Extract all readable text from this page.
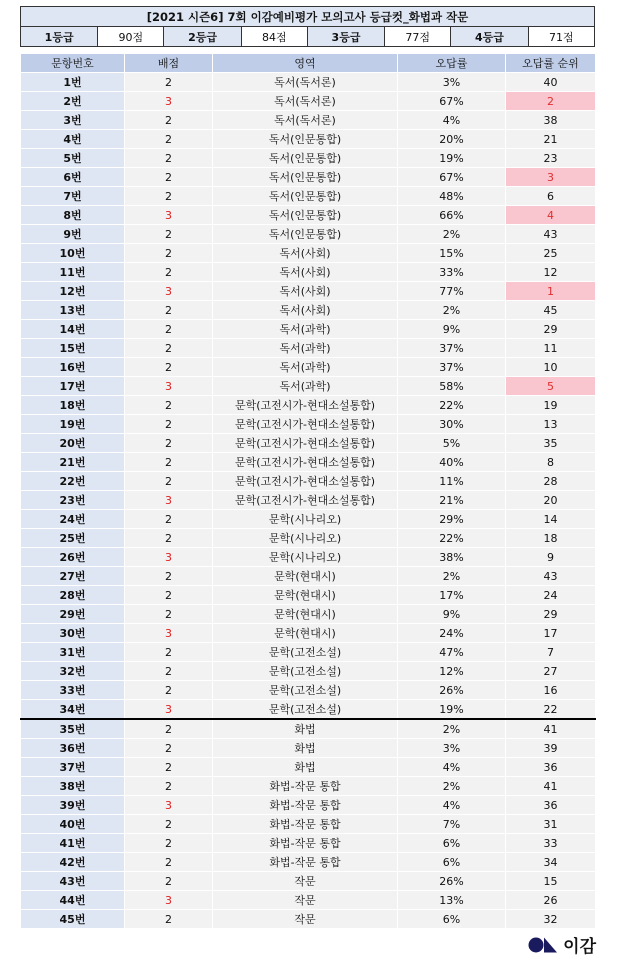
[2021 시즌6] 7회 이감예비평가 모의고사 등급컷_화법과 작문
1등급	90점	2등급	84점	3등급	77점	4등급	71점
문항번호	배점	영역	오답률	오답률 순위
1번	2	독서(독서론)	3%	40
2번	3	독서(독서론)	67%	2
3번	2	독서(독서론)	4%	38
4번	2	독서(인문통합)	20%	21
5번	2	독서(인문통합)	19%	23
6번	2	독서(인문통합)	67%	3
7번	2	독서(인문통합)	48%	6
8번	3	독서(인문통합)	66%	4
9번	2	독서(인문통합)	2%	43
10번	2	독서(사회)	15%	25
11번	2	독서(사회)	33%	12
12번	3	독서(사회)	77%	1
13번	2	독서(사회)	2%	45
14번	2	독서(과학)	9%	29
15번	2	독서(과학)	37%	11
16번	2	독서(과학)	37%	10
17번	3	독서(과학)	58%	5
18번	2	문학(고전시가-현대소설통합)	22%	19
19번	2	문학(고전시가-현대소설통합)	30%	13
20번	2	문학(고전시가-현대소설통합)	5%	35
21번	2	문학(고전시가-현대소설통합)	40%	8
22번	2	문학(고전시가-현대소설통합)	11%	28
23번	3	문학(고전시가-현대소설통합)	21%	20
24번	2	문학(시나리오)	29%	14
25번	2	문학(시나리오)	22%	18
26번	3	문학(시나리오)	38%	9
27번	2	문학(현대시)	2%	43
28번	2	문학(현대시)	17%	24
29번	2	문학(현대시)	9%	29
30번	3	문학(현대시)	24%	17
31번	2	문학(고전소설)	47%	7
32번	2	문학(고전소설)	12%	27
33번	2	문학(고전소설)	26%	16
34번	3	문학(고전소설)	19%	22
35번	2	화법	2%	41
36번	2	화법	3%	39
37번	2	화법	4%	36
38번	2	화법-작문 통합	2%	41
39번	3	화법-작문 통합	4%	36
40번	2	화법-작문 통합	7%	31
41번	2	화법-작문 통합	6%	33
42번	2	화법-작문 통합	6%	34
43번	2	작문	26%	15
44번	3	작문	13%	26
45번	2	작문	6%	32
이감
